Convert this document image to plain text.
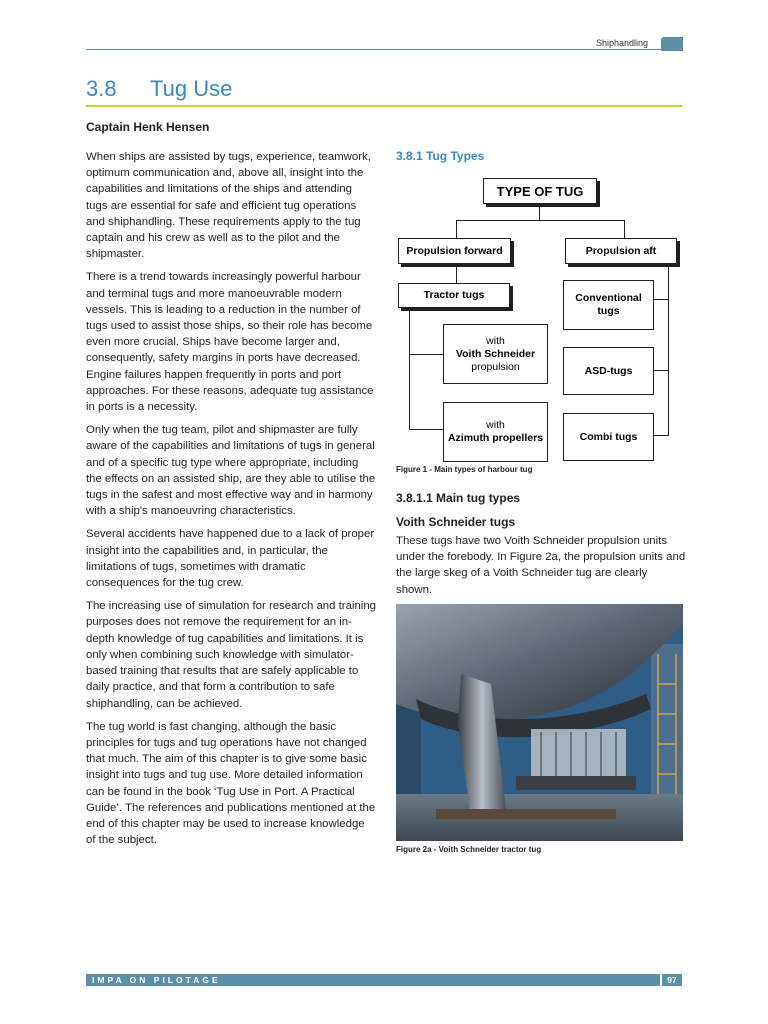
Shiphandling
3.8 Tug Use
Captain Henk Hensen

When ships are assisted by tugs, experience, teamwork, optimum communication and, above all, insight into the capabilities and limitations of the ships and attending tugs are essential for safe and efficient tug operations and shiphandling. These requirements apply to the tug captain and his crew as well as to the pilot and the shipmaster.

There is a trend towards increasingly powerful harbour and terminal tugs and more manoeuvrable modern vessels. This is leading to a reduction in the number of tugs used to assist those ships, so their role has become even more crucial. Ships have become larger and, consequently, safety margins in ports have decreased. Engine failures happen frequently in ports and port approaches. For these reasons, adequate tug assistance in ports is a necessity.

Only when the tug team, pilot and shipmaster are fully aware of the capabilities and limitations of tugs in general and of a specific tug type where appropriate, including the effects on an assisted ship, are they able to utilise the tugs in the safest and most effective way and in harmony with a ship's manoeuvring characteristics.

Several accidents have happened due to a lack of proper insight into the capabilities and, in particular, the limitations of tugs, sometimes with dramatic consequences for the tug crew.

The increasing use of simulation for research and training purposes does not remove the requirement for an in-depth knowledge of tug capabilities and limitations. It is only when combining such knowledge with simulator-based training that results that are safely applicable to daily practice, and that form a contribution to safe shiphandling, can be achieved.

The tug world is fast changing, although the basic principles for tugs and tug operations have not changed that much. The aim of this chapter is to give some basic insight into tugs and tug use. More detailed information can be found in the book ‘Tug Use in Port. A Practical Guide’. The references and publications mentioned at the end of this chapter may be used to increase knowledge of the subject.

3.8.1 Tug Types
TYPE OF TUG
Propulsion forward	Propulsion aft
Tractor tugs
with
Voith Schneider
propulsion
with
Azimuth propellers
Conventional tugs
ASD-tugs
Combi tugs
Figure 1 - Main types of harbour tug
3.8.1.1 Main tug types
Voith Schneider tugs

These tugs have two Voith Schneider propulsion units under the forebody. In Figure 2a, the propulsion units and the large skeg of a Voith Schneider tug are clearly shown.

Figure 2a - Voith Schneider tractor tug
IMPA ON PILOTAGE	97
